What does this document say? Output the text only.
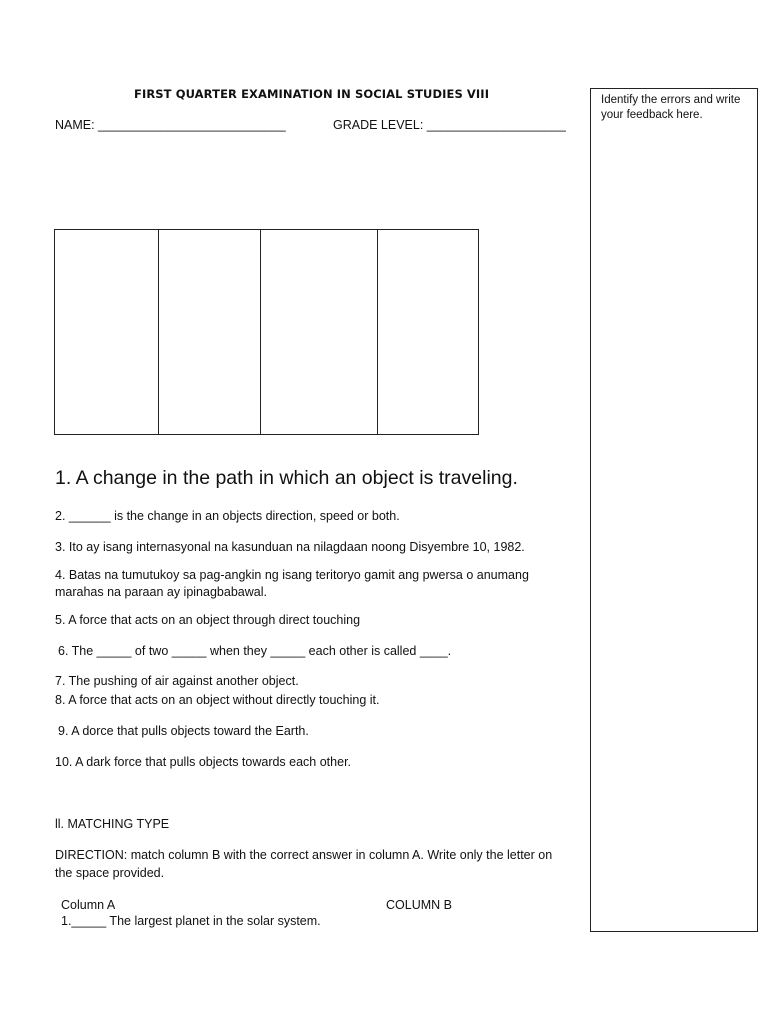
FIRST QUARTER EXAMINATION IN SOCIAL STUDIES VIII
NAME: ___________________________	GRADE LEVEL: ____________________
Identify the errors and write your feedback here.
1. A change in the path in which an object is traveling.
2. ______ is the change in an objects direction, speed or both.
3. Ito ay isang internasyonal na kasunduan na nilagdaan noong Disyembre 10, 1982.
4. Batas na tumutukoy sa pag-angkin ng isang teritoryo gamit ang pwersa o anumang
marahas na paraan ay ipinagbabawal.
5. A force that acts on an object through direct touching
6. The _____ of two _____ when they _____ each other is called ____.
7. The pushing of air against another object.
8. A force that acts on an object without directly touching it.
9. A dorce that pulls objects toward the Earth.
10. A dark force that pulls objects towards each other.
ll. MATCHING TYPE
DIRECTION: match column B with the correct answer in column A. Write only the letter on
the space provided.
Column A	COLUMN B
1._____ The largest planet in the solar system.
